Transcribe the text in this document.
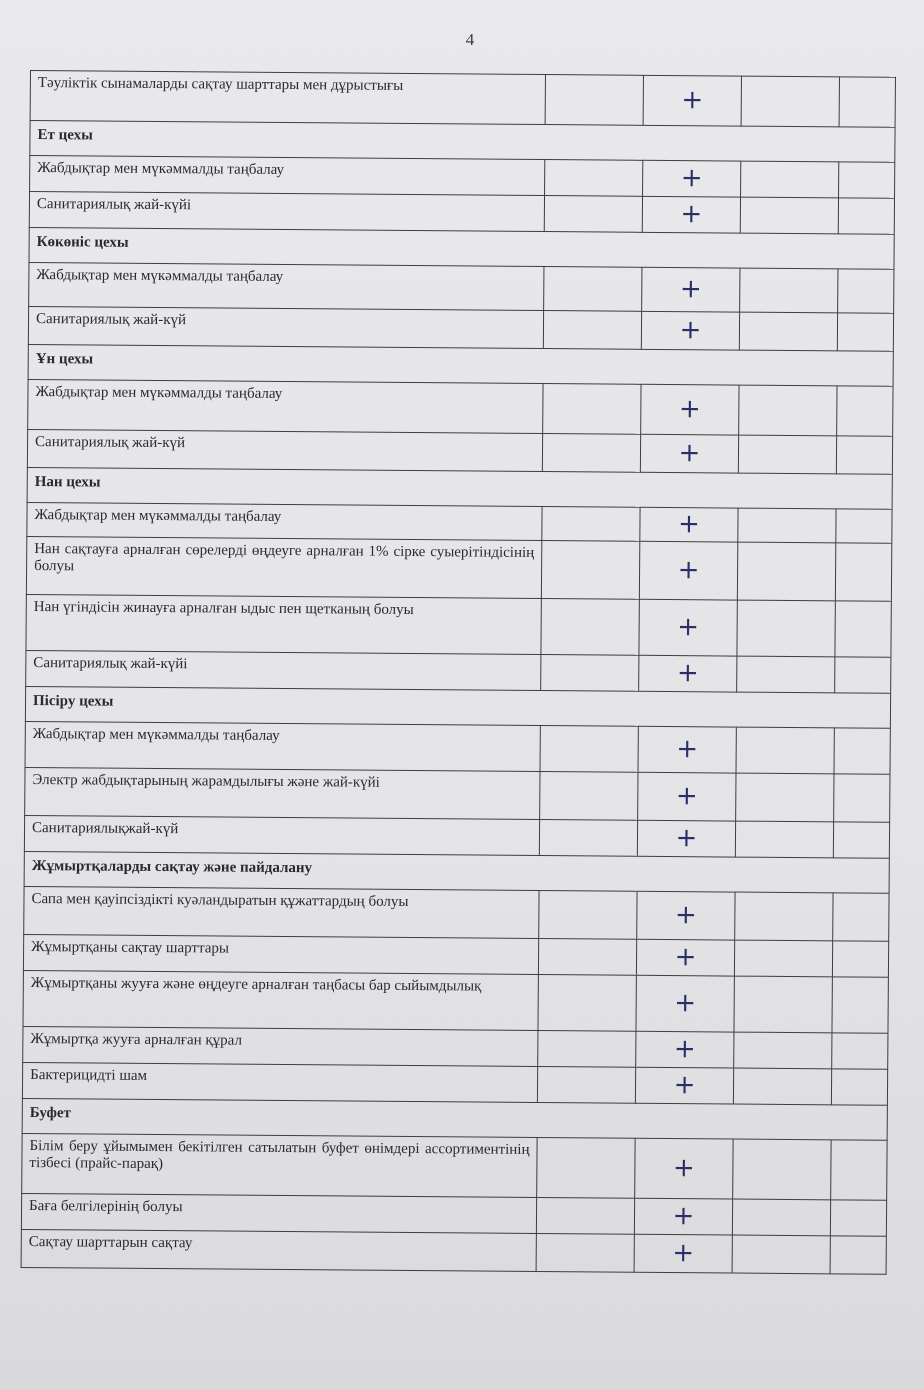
4
Тәуліктік сынамаларды сақтау шарттары мен дұрыстығы		+		
Ет цехы				
Жабдықтар мен мүкәммалды таңбалау		+		
Санитариялық жай-күйі		+		
Көкөніс цехы				
Жабдықтар мен мүкәммалды таңбалау		+		
Санитариялық жай-күй		+		
Ұн цехы				
Жабдықтар мен мүкәммалды таңбалау		+		
Санитариялық жай-күй		+		
Нан цехы				
Жабдықтар мен мүкәммалды таңбалау		+		
Нан сақтауға арналған сөрелерді өңдеуге арналған 1% сірке суыерітіндісінің болуы		+		
Нан үгіндісін жинауға арналған ыдыс пен щетканың болуы		+		
Санитариялық жай-күйі		+		
Пісіру цехы				
Жабдықтар мен мүкәммалды таңбалау		+		
Электр жабдықтарының жарамдылығы және жай-күйі		+		
Санитариялықжай-күй		+		
Жұмыртқаларды сақтау және пайдалану				
Сапа мен қауіпсіздікті куәландыратын құжаттардың болуы		+		
Жұмыртқаны сақтау шарттары		+		
Жұмыртқаны жууға және өңдеуге арналған таңбасы бар сыйымдылық		+		
Жұмыртқа жууға арналған құрал		+		
Бактерицидті шам		+		
Буфет				
Білім беру ұйымымен бекітілген сатылатын буфет өнімдері ассортиментінің тізбесі (прайс-парақ)		+		
Баға белгілерінің болуы		+		
Сақтау шарттарын сақтау		+		
